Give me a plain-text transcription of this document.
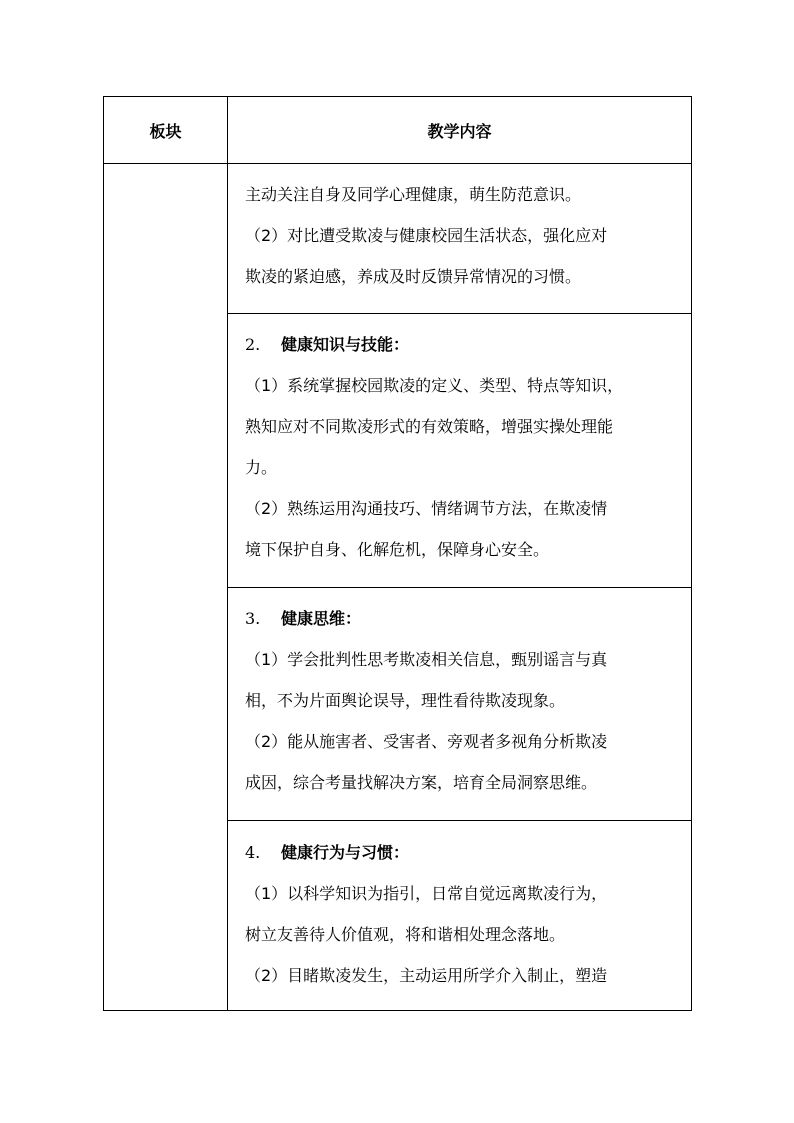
板块	教学内容
主动关注自身及同学心理健康，萌生防范意识。
（2）对比遭受欺凌与健康校园生活状态，强化应对
欺凌的紧迫感，养成及时反馈异常情况的习惯。
2. 健康知识与技能：
（1）系统掌握校园欺凌的定义、类型、特点等知识，
熟知应对不同欺凌形式的有效策略，增强实操处理能
力。
（2）熟练运用沟通技巧、情绪调节方法，在欺凌情
境下保护自身、化解危机，保障身心安全。
3. 健康思维：
（1）学会批判性思考欺凌相关信息，甄别谣言与真
相，不为片面舆论误导，理性看待欺凌现象。
（2）能从施害者、受害者、旁观者多视角分析欺凌
成因，综合考量找解决方案，培育全局洞察思维。
4. 健康行为与习惯：
（1）以科学知识为指引，日常自觉远离欺凌行为，
树立友善待人价值观，将和谐相处理念落地。
（2）目睹欺凌发生，主动运用所学介入制止，塑造
